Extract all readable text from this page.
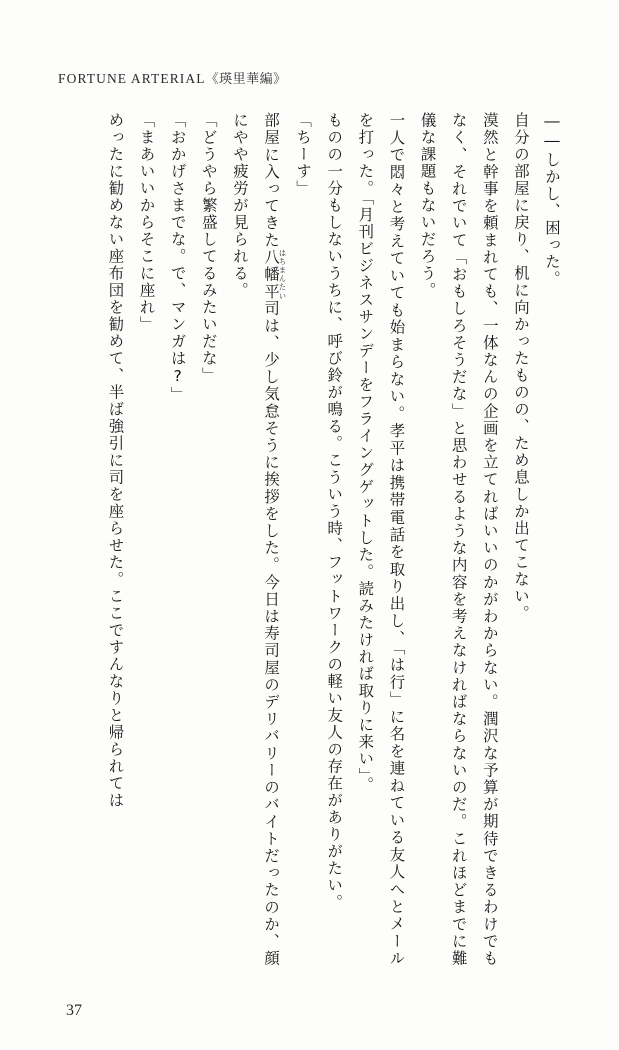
FORTUNE ARTERIAL《瑛里華編》

――しかし、困った。

自分の部屋に戻り、机に向かったものの、ため息しか出てこない。

漠然と幹事を頼まれても、一体なんの企画を立てればいいのかがわからない。潤沢な予算が期待できるわけでもなく、それでいて「おもしろそうだな」と思わせるような内容を考えなければならないのだ。これほどまでに難儀な課題もないだろう。

一人で悶々と考えていても始まらない。孝平は携帯電話を取り出し、「は行」に名を連ねている友人へとメールを打った。「月刊ビジネスサンデーをフライングゲットした。読みたければ取りに来い」。

ものの一分もしないうちに、呼び鈴が鳴る。こういう時、フットワークの軽い友人の存在がありがたい。

「ちーす」

部屋に入ってきた八幡平はちまんたい司は、少し気怠そうに挨拶をした。今日は寿司屋のデリバリーのバイトだったのか、顔にやや疲労が見られる。

「どうやら繁盛してるみたいだな」

「おかげさまでな。で、マンガは?」

「まあいいからそこに座れ」

めったに勧めない座布団を勧めて、半ば強引に司を座らせた。ここですんなりと帰られては

37
